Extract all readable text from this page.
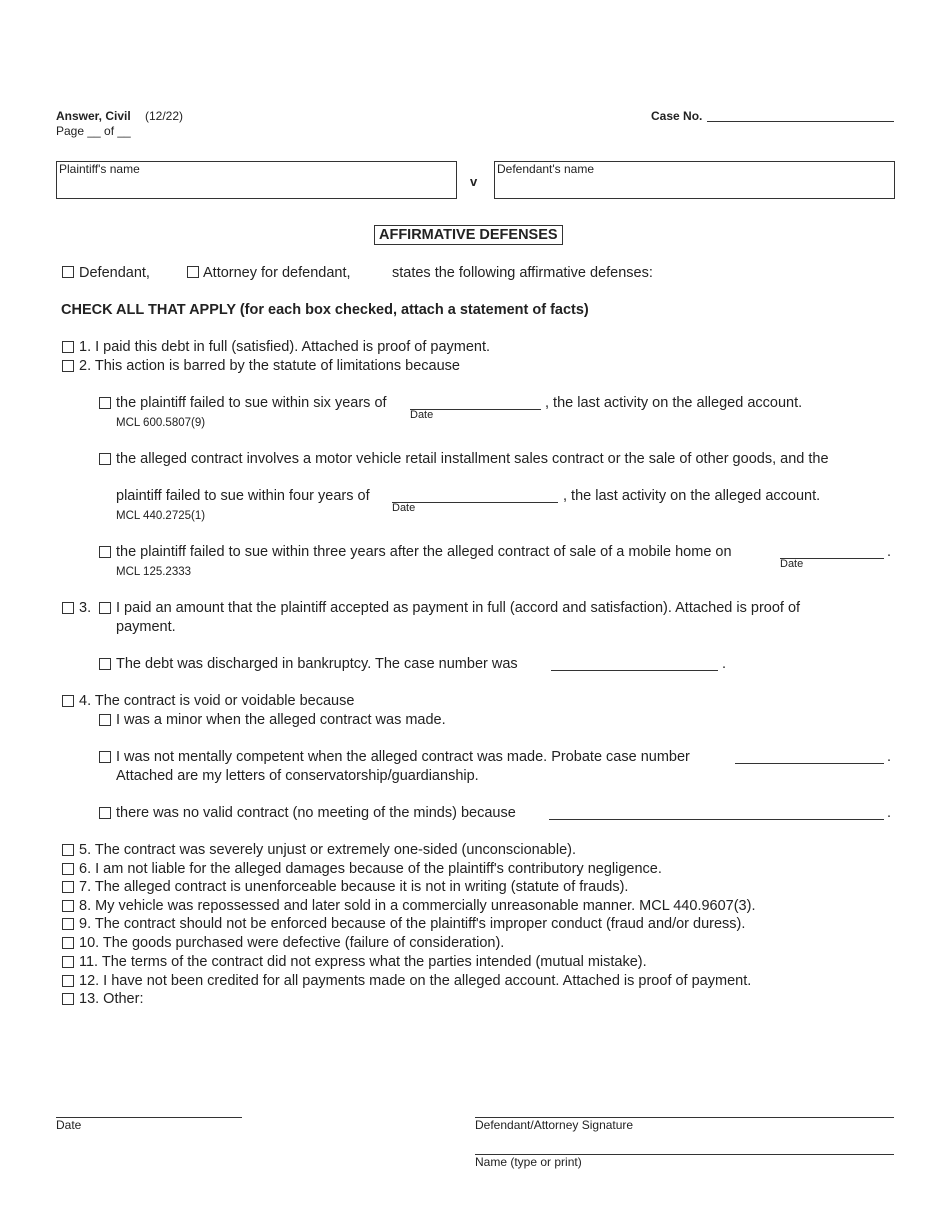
Answer, Civil (12/22)
Page __ of __
Case No.
Plaintiff's name
v
Defendant's name
AFFIRMATIVE DEFENSES
Defendant,	Attorney for defendant,	states the following affirmative defenses:
CHECK ALL THAT APPLY (for each box checked, attach a statement of facts)
1. I paid this debt in full (satisfied). Attached is proof of payment.
2. This action is barred by the statute of limitations because
the plaintiff failed to sue within six years of
Date
, the last activity on the alleged account.
MCL 600.5807(9)
the alleged contract involves a motor vehicle retail installment sales contract or the sale of other goods, and the
plaintiff failed to sue within four years of
Date
, the last activity on the alleged account.
MCL 440.2725(1)
the plaintiff failed to sue within three years after the alleged contract of sale of a mobile home on
Date
.
MCL 125.2333
3. I paid an amount that the plaintiff accepted as payment in full (accord and satisfaction). Attached is proof of
payment.
The debt was discharged in bankruptcy. The case number was	.
4. The contract is void or voidable because
I was a minor when the alleged contract was made.
I was not mentally competent when the alleged contract was made. Probate case number	.
Attached are my letters of conservatorship/guardianship.
there was no valid contract (no meeting of the minds) because	.
5. The contract was severely unjust or extremely one-sided (unconscionable).
6. I am not liable for the alleged damages because of the plaintiff's contributory negligence.
7. The alleged contract is unenforceable because it is not in writing (statute of frauds).
8. My vehicle was repossessed and later sold in a commercially unreasonable manner. MCL 440.9607(3).
9. The contract should not be enforced because of the plaintiff's improper conduct (fraud and/or duress).
10. The goods purchased were defective (failure of consideration).
11. The terms of the contract did not express what the parties intended (mutual mistake).
12. I have not been credited for all payments made on the alleged account. Attached is proof of payment.
13. Other:
Date	Defendant/Attorney Signature
Name (type or print)
